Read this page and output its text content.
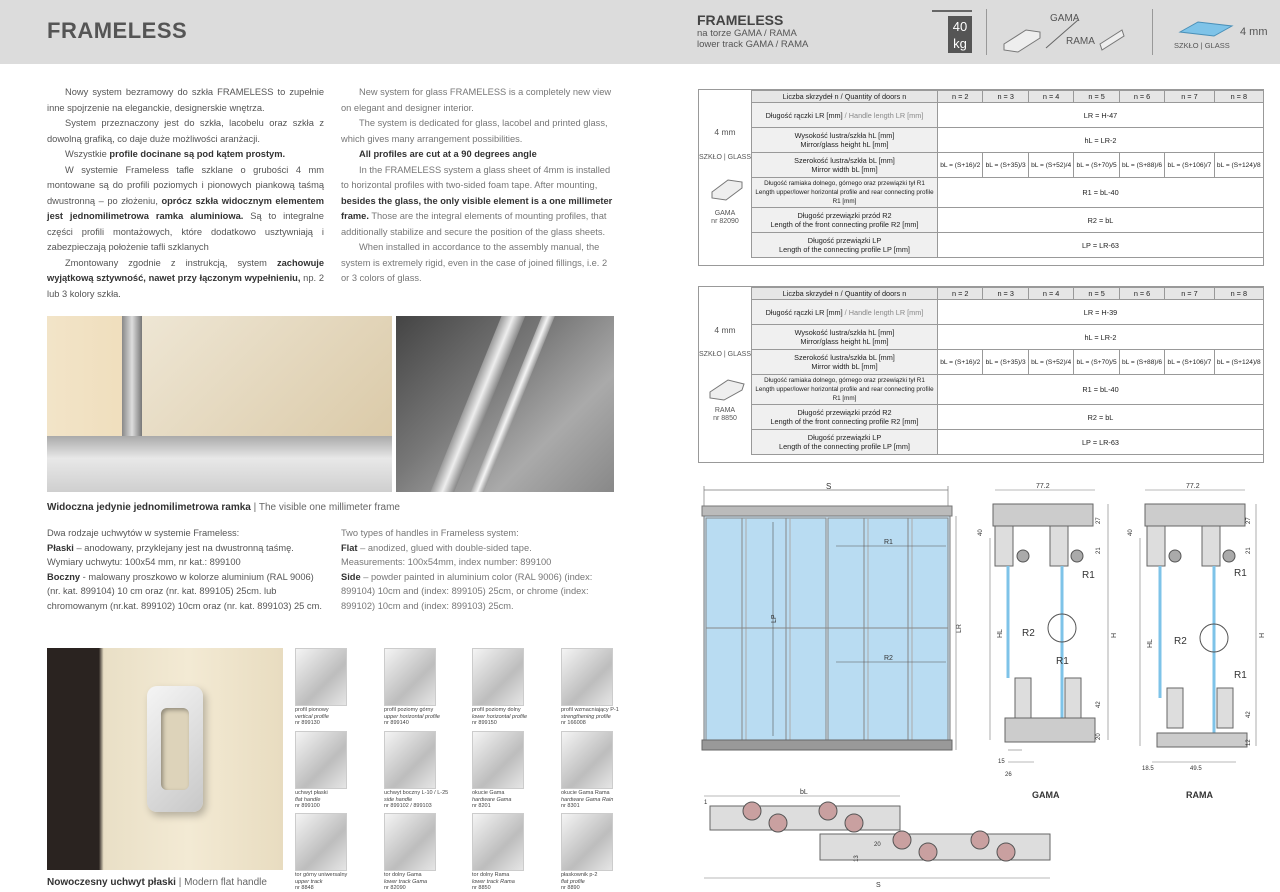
FRAMELESS	FRAMELESS
na torze GAMA / RAMA
lower track GAMA / RAMA
40
kg
GAMA
RAMA	SZKŁO | GLASS
4 mm

Nowy system bezramowy do szkła FRAMELESS to zupełnie inne spojrzenie na eleganckie, designerskie wnętrza.

System przeznaczony jest do szkła, lacobelu oraz szkła z dowolną grafiką, co daje duże możliwości aranżacji.

Wszystkie profile docinane są pod kątem prostym.

W systemie Frameless tafle szklane o grubości 4 mm montowane są do profili poziomych i pionowych piankową taśmą dwustronną – po złożeniu, oprócz szkła widocznym elementem jest jednomilimetrowa ramka aluminiowa. Są to integralne części profili montażowych, które dodatkowo usztywniają i zabezpieczają położenie tafli szklanych

Zmontowany zgodnie z instrukcją, system zachowuje wyjątkową sztywność, nawet przy łączonym wypełnieniu, np. 2 lub 3 kolory szkła.

New system for glass FRAMELESS is a completely new view on elegant and designer interior.

The system is dedicated for glass, lacobel and printed glass, which gives many arrangement possibilities.

All profiles are cut at a 90 degrees angle

In the FRAMELESS system a glass sheet of 4mm is installed to horizontal profiles with two-sided foam tape. After mounting, besides the glass, the only visible element is a one millimeter frame. Those are the integral elements of mounting profiles, that additionally stabilize and secure the position of the glass sheets.

When installed in accordance to the assembly manual, the system is extremely rigid, even in the case of joined fillings, i.e. 2 or 3 colors of glass.

Widoczna jedynie jednomilimetrowa ramka | The visible one millimeter frame

Dwa rodzaje uchwytów w systemie Frameless:

Płaski – anodowany, przyklejany jest na dwustronną taśmę.

Wymiary uchwytu: 100x54 mm, nr kat.: 899100

Boczny - malowany proszkowo w kolorze aluminium (RAL 9006) (nr. kat. 899104) 10 cm oraz (nr. kat. 899105) 25cm. lub chromowanym (nr.kat. 899102) 10cm oraz (nr. kat. 899103) 25 cm.

Two types of handles in Frameless system:

Flat – anodized, glued with double-sided tape.

Measurements: 100x54mm, index number: 899100

Side – powder painted in aluminium color (RAL 9006) (index: 899104) 10cm and (index: 899105) 25cm, or chrome (index: 899102) 10cm and (index: 899103) 25cm.

Nowoczesny uchwyt płaski | Modern flat handle
profil pionowy
vertical profile
nr 899130
profil poziomy górny
upper horizontal profile
nr 899140
profil poziomy dolny
lower horizontal profile
nr 899150
profil wzmacniający P-1
strengthening profile
nr 166008
uchwyt płaski
flat handle
nr 899100
uchwyt boczny L-10 / L-25
side handle
nr 899102 / 899103
okucie Gama
hardware Gama
nr 8201
okucie Gama Rama
hardware Gama Rain
nr 8301
tor górny uniwersalny
upper track
nr 8848
tor dolny Gama
lower track Gama
nr 82090
tor dolny Rama
lower track Rama
nr 8850
płaskownik p-2
flat profile
nr 8890
4 mm
SZKŁO | GLASS
GAMA
nr 82090
Liczba skrzydeł n / Quantity of doors n	n = 2	n = 3	n = 4	n = 5	n = 6	n = 7	n = 8
Długość rączki LR [mm] / Handle length LR [mm]	LR = H-47						

Wysokość lustra/szkła hL [mm]
Mirror/glass height hL [mm]	hL = LR-2						

Szerokość lustra/szkła bL [mm]
Mirror width bL [mm]	bL = (S+16)/2	bL = (S+35)/3	bL = (S+52)/4	bL = (S+70)/5	bL = (S+88)/6	bL = (S+106)/7	bL = (S+124)/8

Długość ramiaka dolnego, górnego oraz przewiązki tył R1
Length upper/lower horizontal profile and rear connecting profile R1 [mm]	R1 = bL-40						

Długość przewiązki przód R2
Length of the front connecting profile R2 [mm]	R2 = bL						

Długość przewiązki LP
Length of the connecting profile LP [mm]	LP = LR-63						
4 mm
SZKŁO | GLASS
RAMA
nr 8850
Liczba skrzydeł n / Quantity of doors n	n = 2	n = 3	n = 4	n = 5	n = 6	n = 7	n = 8
Długość rączki LR [mm] / Handle length LR [mm]	LR = H-39						

Wysokość lustra/szkła hL [mm]
Mirror/glass height hL [mm]	hL = LR-2						

Szerokość lustra/szkła bL [mm]
Mirror width bL [mm]	bL = (S+16)/2	bL = (S+35)/3	bL = (S+52)/4	bL = (S+70)/5	bL = (S+88)/6	bL = (S+106)/7	bL = (S+124)/8

Długość ramiaka dolnego, górnego oraz przewiązki tył R1
Length upper/lower horizontal profile and rear connecting profile R1 [mm]	R1 = bL-40						

Długość przewiązki przód R2
Length of the front connecting profile R2 [mm]	R2 = bL						

Długość przewiązki LP
Length of the connecting profile LP [mm]	LP = LR-63						
S
R1
R2
LP
LR
77.2
40
27
21
R1
R2
R1
HL	H
42
20
15
26
GAMA
77.2
40
27
21
R1
R2
R1
HL
H
42
12
18.5	49.5
RAMA
bL
1
20
13
S
